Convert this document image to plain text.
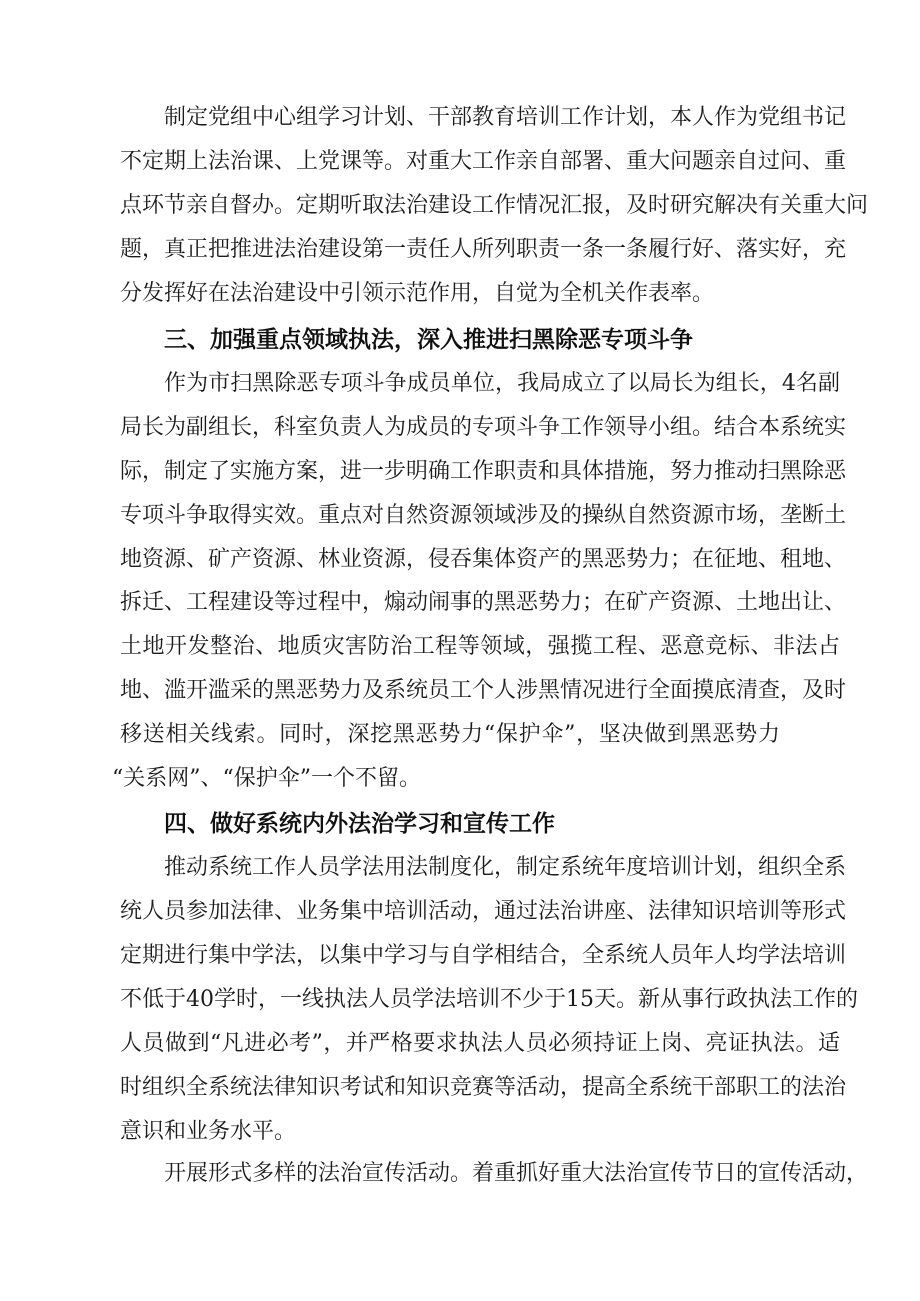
制定党组中心组学习计划、干部教育培训工作计划，本人作为党组书记
不定期上法治课、上党课等。对重大工作亲自部署、重大问题亲自过问、重
点环节亲自督办。定期听取法治建设工作情况汇报，及时研究解决有关重大问
题，真正把推进法治建设第一责任人所列职责一条一条履行好、落实好，充
分发挥好在法治建设中引领示范作用，自觉为全机关作表率。
三、加强重点领域执法，深入推进扫黑除恶专项斗争
作为市扫黑除恶专项斗争成员单位，我局成立了以局长为组长，4名副
局长为副组长，科室负责人为成员的专项斗争工作领导小组。结合本系统实
际，制定了实施方案，进一步明确工作职责和具体措施，努力推动扫黑除恶
专项斗争取得实效。重点对自然资源领域涉及的操纵自然资源市场，垄断土
地资源、矿产资源、林业资源，侵吞集体资产的黑恶势力；在征地、租地、
拆迁、工程建设等过程中，煽动闹事的黑恶势力；在矿产资源、土地出让、
土地开发整治、地质灾害防治工程等领域，强揽工程、恶意竞标、非法占
地、滥开滥采的黑恶势力及系统员工个人涉黑情况进行全面摸底清查，及时
移送相关线索。同时，深挖黑恶势力“保护伞”，坚决做到黑恶势力
“关系网”、“保护伞”一个不留。
四、做好系统内外法治学习和宣传工作
推动系统工作人员学法用法制度化，制定系统年度培训计划，组织全系
统人员参加法律、业务集中培训活动，通过法治讲座、法律知识培训等形式
定期进行集中学法，以集中学习与自学相结合，全系统人员年人均学法培训
不低于40学时，一线执法人员学法培训不少于15天。新从事行政执法工作的
人员做到“凡进必考”，并严格要求执法人员必须持证上岗、亮证执法。适
时组织全系统法律知识考试和知识竞赛等活动，提高全系统干部职工的法治
意识和业务水平。
开展形式多样的法治宣传活动。着重抓好重大法治宣传节日的宣传活动，
